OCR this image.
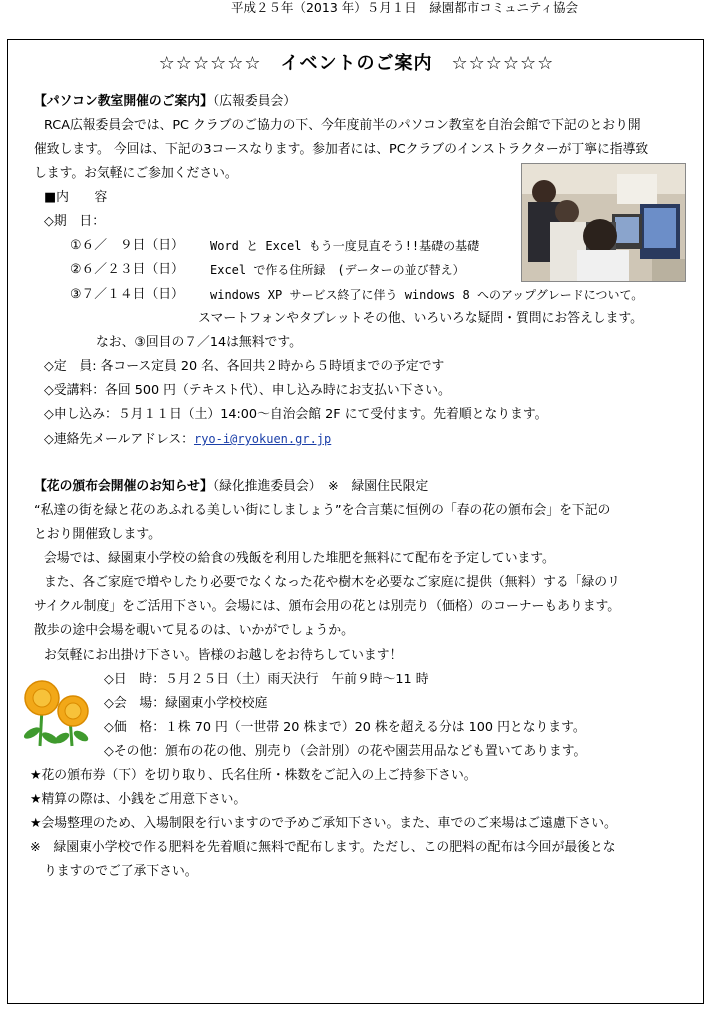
平成２５年（2013 年）５月１日　緑園都市コミュニティ協会
☆☆☆☆☆☆　イベントのご案内　☆☆☆☆☆☆
【パソコン教室開催のご案内】（広報委員会）
RCA広報委員会では、PC クラブのご協力の下、今年度前半のパソコン教室を自治会館で下記のとおり開
催致します。 今回は、下記の3コースなります。参加者には、PCクラブのインストラクターが丁寧に指導致
します。お気軽にご参加ください。
■内　　容
◇期　日：
①６／　９日（日） Word と Excel もう一度見直そう!!基礎の基礎
②６／２３日（日） Excel で作る住所録　(データーの並び替え）
③７／１４日（日） windows XP サービス終了に伴う windows 8 へのアップグレードについて。
スマートフォンやタブレットその他、いろいろな疑問・質問にお答えします。
なお、③回目の７／14は無料です。
◇定　員: 各コース定員 20 名、各回共２時から５時頃までの予定です
◇受講料：各回 500 円（テキスト代）、申し込み時にお支払い下さい。
◇申し込み：５月１１日（土）14:00～自治会館 2F にて受付ます。先着順となります。
◇連絡先メールアドレス：ryo-i@ryokuen.gr.jp
【花の頒布会開催のお知らせ】（緑化推進委員会）　※　緑園住民限定
“私達の街を緑と花のあふれる美しい街にしましょう”を合言葉に恒例の「春の花の頒布会」を下記の
とおり開催致します。
会場では、緑園東小学校の給食の残飯を利用した堆肥を無料にて配布を予定しています。
また、各ご家庭で増やしたり必要でなくなった花や樹木を必要なご家庭に提供（無料）する「緑のリ
サイクル制度」をご活用下さい。会場には、頒布会用の花とは別売り（価格）のコーナーもあります。
散歩の途中会場を覗いて見るのは、いかがでしょうか。
お気軽にお出掛け下さい。皆様のお越しをお待ちしています！
◇日　時：５月２５日（土）雨天決行　午前９時～11 時
◇会　場：緑園東小学校校庭
◇価　格：１株 70 円（一世帯 20 株まで）20 株を超える分は 100 円となります。
◇その他：頒布の花の他、別売り（会計別）の花や園芸用品なども置いてあります。
★花の頒布券（下）を切り取り、氏名住所・株数をご記入の上ご持参下さい。
★精算の際は、小銭をご用意下さい。
★会場整理のため、入場制限を行いますので予めご承知下さい。また、車でのご来場はご遠慮下さい。
※　緑園東小学校で作る肥料を先着順に無料で配布します。ただし、この肥料の配布は今回が最後とな
りますのでご了承下さい。
